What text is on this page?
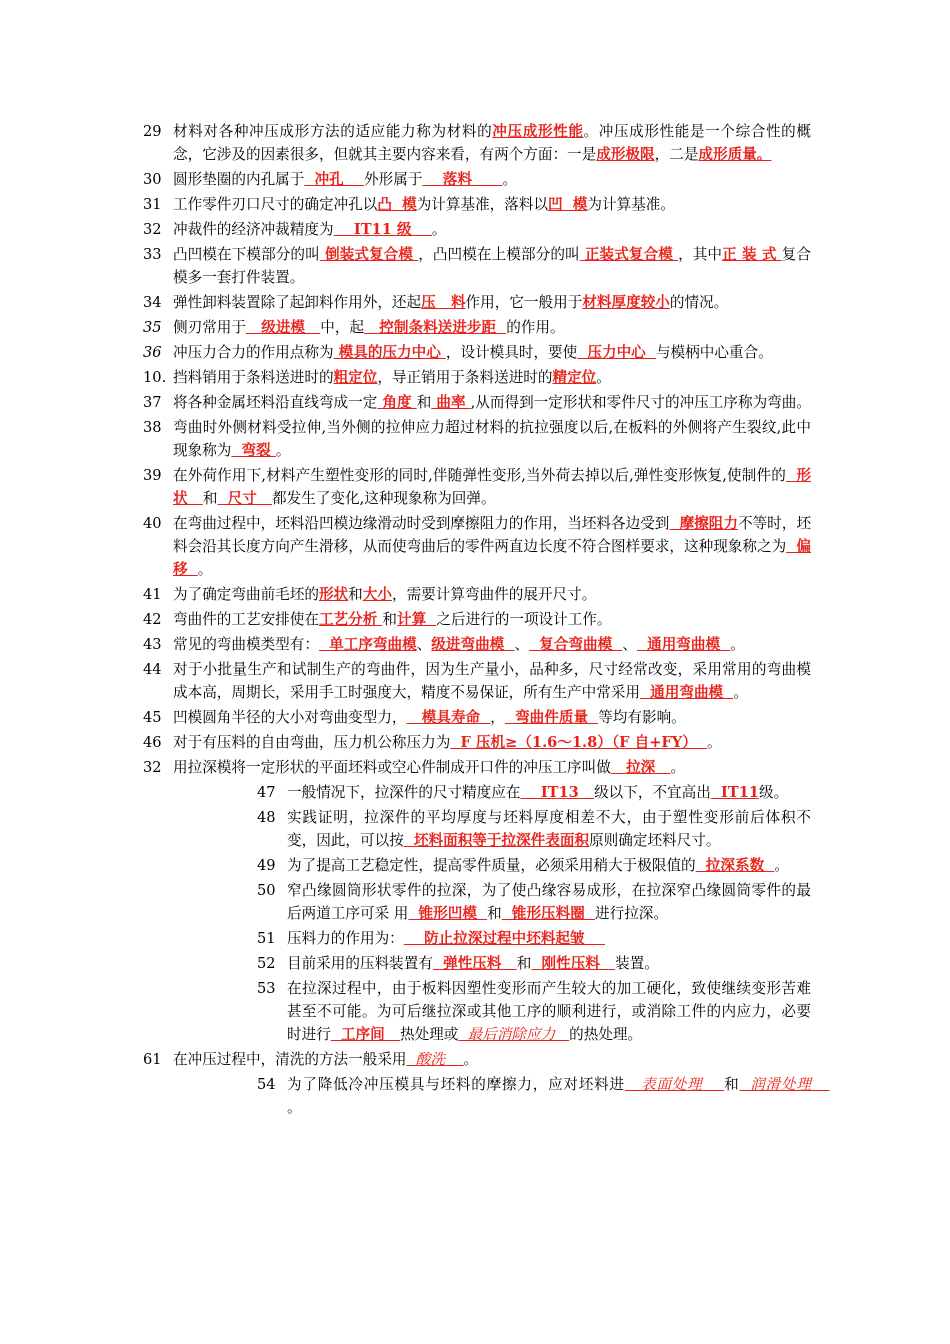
29 材料对各种冲压成形方法的适应能力称为材料的冲压成形性能。冲压成形性能是一个综合性的概念，它涉及的因素很多，但就其主要内容来看，有两个方面：一是成形极限，二是成形质量。
30 圆形垫圈的内孔属于  冲孔    外形属于    落料      。
31 工作零件刃口尺寸的确定冲孔以凸  模为计算基准，落料以凹  模为计算基准。
32 冲裁件的经济冲裁精度为    IT11 级    。
33 凸凹模在下模部分的叫 倒装式复合模 ，凸凹模在上模部分的叫 正装式复合模 ，其中正 装 式 复合模多一套打件装置。
34 弹性卸料装置除了起卸料作用外，还起压   料作用，它一般用于材料厚度较小的情况。
35 侧刃常用于   级进模   中，起   控制条料送进步距  的作用。
36 冲压力合力的作用点称为 模具的压力中心 ，设计模具时，要使  压力中心  与模柄中心重合。
10. 挡料销用于条料送进时的粗定位，导正销用于条料送进时的精定位。
37 将各种金属坯料沿直线弯成一定 角度 和 曲率 ,从而得到一定形状和零件尺寸的冲压工序称为弯曲。
38 弯曲时外侧材料受拉伸,当外侧的拉伸应力超过材料的抗拉强度以后,在板料的外侧将产生裂纹,此中现象称为  弯裂 。
39 在外荷作用下,材料产生塑性变形的同时,伴随弹性变形,当外荷去掉以后,弹性变形恢复,使制件的  形状   和  尺寸   都发生了变化,这种现象称为回弹。
40 在弯曲过程中，坯料沿凹模边缘滑动时受到摩擦阻力的作用，当坯料各边受到  摩擦阻力不等时，坯料会沿其长度方向产生滑移，从而使弯曲后的零件两直边长度不符合图样要求，这种现象称之为  偏移  。
41 为了确定弯曲前毛坯的形状和大小，需要计算弯曲件的展开尺寸。
42 弯曲件的工艺安排使在工艺分析 和计算  之后进行的一项设计工作。
43 常见的弯曲模类型有：  单工序弯曲模、级进弯曲模  、  复合弯曲模  、  通用弯曲模  。
44 对于小批量生产和试制生产的弯曲件，因为生产量小，品种多，尺寸经常改变，采用常用的弯曲模成本高，周期长，采用手工时强度大，精度不易保证，所有生产中常采用  通用弯曲模  。
45 凹模圆角半径的大小对弯曲变型力，   模具寿命  ，  弯曲件质量  等均有影响。
46 对于有压料的自由弯曲，压力机公称压力为  F 压机≥（1.6～1.8）（F 自+FY）  。
32 用拉深模将一定形状的平面坯料或空心件制成开口件的冲压工序叫做   拉深   。
47 一般情况下，拉深件的尺寸精度应在    IT13   级以下，不宜高出  IT11级。
48 实践证明，拉深件的平均厚度与坯料厚度相差不大，由于塑性变形前后体积不变，因此，可以按  坯料面积等于拉深件表面积原则确定坯料尺寸。
49 为了提高工艺稳定性，提高零件质量，必须采用稍大于极限值的  拉深系数  。
50 窄凸缘圆筒形状零件的拉深，为了使凸缘容易成形，在拉深窄凸缘圆筒零件的最后两道工序可采 用  锥形凹模  和  锥形压料圈  进行拉深。
51 压料力的作用为：    防止拉深过程中坯料起皱
52 目前采用的压料装置有  弹性压料   和  刚性压料   装置。
53 在拉深过程中，由于板料因塑性变形而产生较大的加工硬化，致使继续变形苦难甚至不可能。为可后继拉深或其他工序的顺利进行，或消除工件的内应力，必要时进行  工序间   热处理或  最后消除应力   的热处理。
61 在冲压过程中，清洗的方法一般采用  酸洗    。
54 为了降低冷冲压模具与坯料的摩擦力，应对坯料进   表面处理    和  润滑处理    。
